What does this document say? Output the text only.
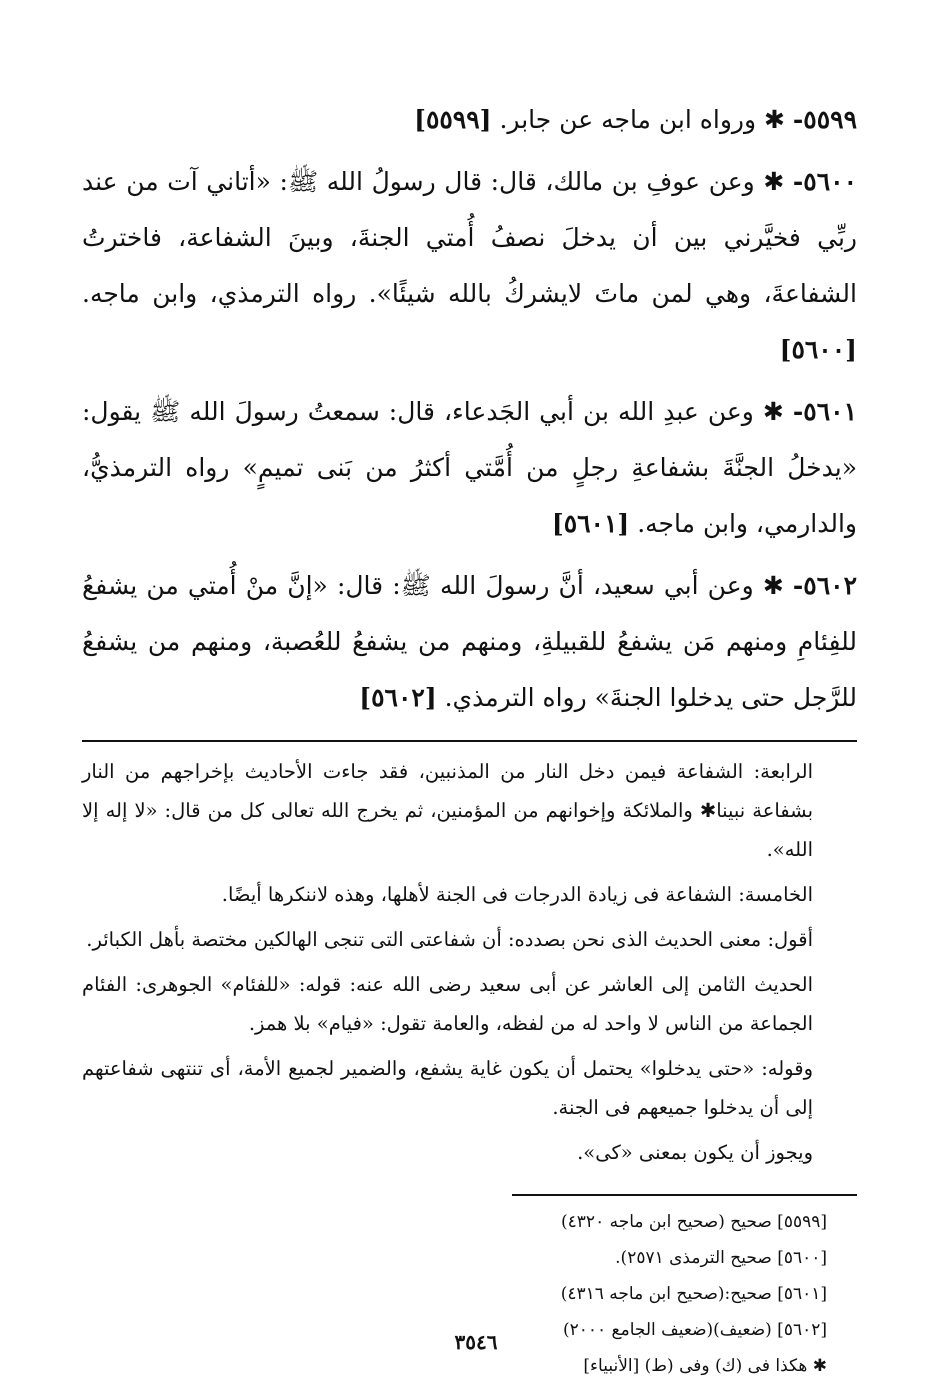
٥٥٩٩- ✱ ورواه ابن ماجه عن جابر. [٥٥٩٩]

٥٦٠٠- ✱ وعن عوفِ بن مالك، قال: قال رسولُ الله ﷺ: «أتاني آت من عند ربِّي فخيَّرني بين أن يدخلَ نصفُ أُمتي الجنةَ، وبينَ الشفاعة، فاخترتُ الشفاعةَ، وهي لمن ماتَ لايشركُ بالله شيئًا». رواه الترمذي، وابن ماجه. [٥٦٠٠]

٥٦٠١- ✱ وعن عبدِ الله بن أبي الجَدعاء، قال: سمعتُ رسولَ الله ﷺ يقول: «يدخلُ الجنَّةَ بشفاعةِ رجلٍ من أُمَّتي أكثرُ من بَنى تميمٍ» رواه الترمذيُّ، والدارمي، وابن ماجه. [٥٦٠١]

٥٦٠٢- ✱ وعن أبي سعيد، أنَّ رسولَ الله ﷺ: قال: «إنَّ منْ أُمتي من يشفعُ للفِئامِ ومنهم مَن يشفعُ للقبيلةِ، ومنهم من يشفعُ للعُصبة، ومنهم من يشفعُ للرَّجل حتى يدخلوا الجنةَ» رواه الترمذي. [٥٦٠٢]

الرابعة: الشفاعة فيمن دخل النار من المذنبين، فقد جاءت الأحاديث بإخراجهم من النار بشفاعة نبينا✱ والملائكة وإخوانهم من المؤمنين، ثم يخرج الله تعالى كل من قال: «لا إله إلا الله».

الخامسة: الشفاعة فى زيادة الدرجات فى الجنة لأهلها، وهذه لاننكرها أيضًا.

أقول: معنى الحديث الذى نحن بصدده: أن شفاعتى التى تنجى الهالكين مختصة بأهل الكبائر.

الحديث الثامن إلى العاشر عن أبى سعيد رضى الله عنه: قوله: «للفئام» الجوهرى: الفئام الجماعة من الناس لا واحد له من لفظه، والعامة تقول: «فيام» بلا همز.

وقوله: «حتى يدخلوا» يحتمل أن يكون غاية يشفع، والضمير لجميع الأمة، أى تنتهى شفاعتهم إلى أن يدخلوا جميعهم فى الجنة.

ويجوز أن يكون بمعنى «كى».

[٥٥٩٩] صحيح (صحيح ابن ماجه ٤٣٢٠)
[٥٦٠٠] صحيح الترمذى ٢٥٧١).
[٥٦٠١] صحيح:(صحيح ابن ماجه ٤٣١٦)
[٥٦٠٢] (ضعيف)(ضعيف الجامع ٢٠٠٠)
✱ هكذا فى (ك) وفى (ط) [الأنبياء]
٣٥٤٦
